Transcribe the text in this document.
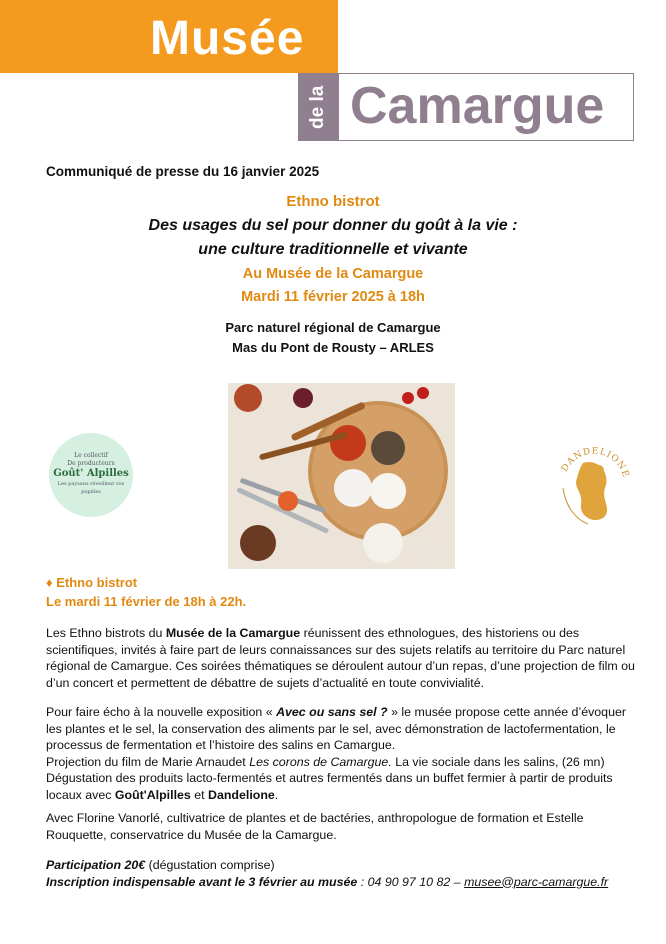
Musée
de la Camargue
Communiqué de presse du 16 janvier 2025
Ethno bistrot
Des usages du sel pour donner du goût à la vie :
une culture traditionnelle et vivante
Au Musée de la Camargue
Mardi 11 février 2025 à 18h
Parc naturel régional de Camargue
Mas du Pont de Rousty – ARLES
Le collectif
De producteurs
Goût' Alpilles
Les paysans réveillent vos papilles
DANDELIONE
♦ Ethno bistrot
Le mardi 11 février de 18h à 22h.
Les Ethno bistrots du Musée de la Camargue réunissent des ethnologues, des historiens ou des scientifiques, invités à faire part de leurs connaissances sur des sujets relatifs au territoire du Parc naturel régional de Camargue. Ces soirées thématiques se déroulent autour d’un repas, d’une projection de film ou d’un concert et permettent de débattre de sujets d’actualité en toute convivialité.
Pour faire écho à la nouvelle exposition « Avec ou sans sel ? » le musée propose cette année d’évoquer les plantes et le sel, la conservation des aliments par le sel, avec démonstration de lactofermentation, le processus de fermentation et l’histoire des salins en Camargue.
Projection du film de Marie Arnaudet Les corons de Camargue. La vie sociale dans les salins, (26 mn)
Dégustation des produits lacto-fermentés et autres fermentés dans un buffet fermier à partir de produits locaux avec Goût'Alpilles et Dandelione.
Avec Florine Vanorlé, cultivatrice de plantes et de bactéries, anthropologue de formation et Estelle Rouquette, conservatrice du Musée de la Camargue.
Participation 20€ (dégustation comprise)
Inscription indispensable avant le 3 février au musée : 04 90 97 10 82 – musee@parc-camargue.fr
